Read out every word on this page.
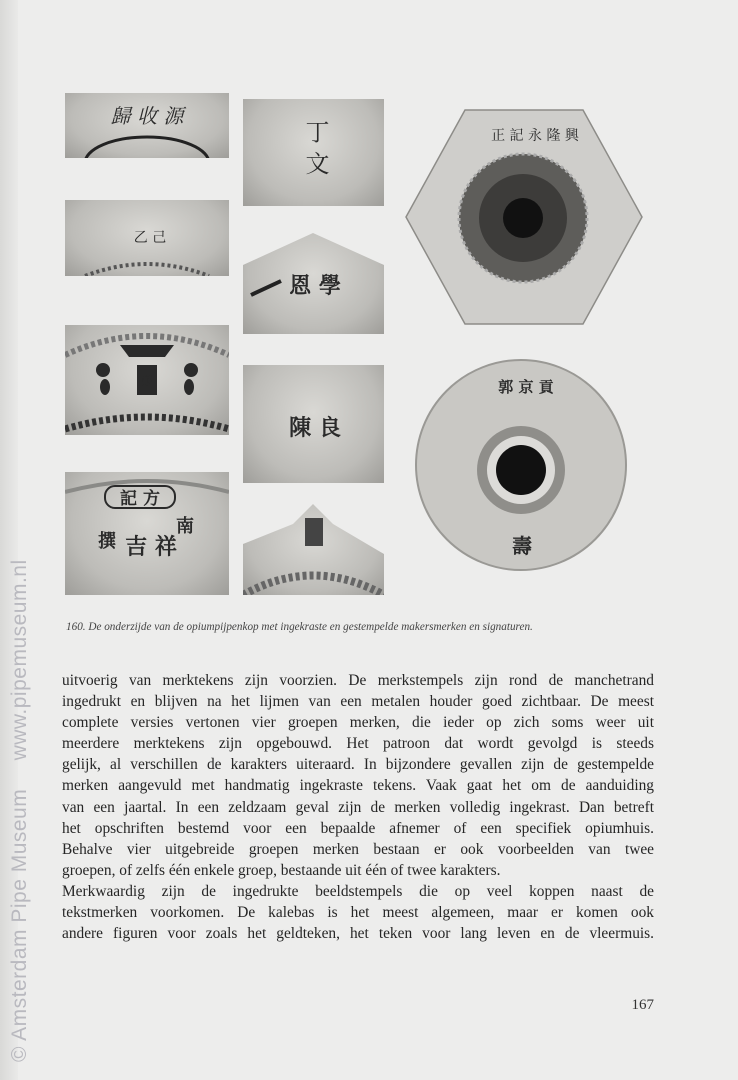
© Amsterdam Pipe Museum www.pipemuseum.nl
歸 收 源
乙 己
鄭
記 方
南
撰 吉 祥
丁 文
恩 學
陳 良
正 記 永 隆 興
郭 京 貢
壽
160. De onderzijde van de opiumpijpenkop met ingekraste en gestempelde makersmerken en signaturen.

uitvoerig van merktekens zijn voorzien. De merkstempels zijn rond de manchetrand

ingedrukt en blijven na het lijmen van een metalen houder goed zichtbaar. De meest

complete versies vertonen vier groepen merken, die ieder op zich soms weer uit

meerdere merktekens zijn opgebouwd. Het patroon dat wordt gevolgd is steeds

gelijk, al verschillen de karakters uiteraard. In bijzondere gevallen zijn de gestempelde

merken aangevuld met handmatig ingekraste tekens. Vaak gaat het om de aanduiding

van een jaartal. In een zeldzaam geval zijn de merken volledig ingekrast. Dan betreft

het opschriften bestemd voor een bepaalde afnemer of een specifiek opiumhuis.

Behalve vier uitgebreide groepen merken bestaan er ook voorbeelden van twee

groepen, of zelfs één enkele groep, bestaande uit één of twee karakters.

Merkwaardig zijn de ingedrukte beeldstempels die op veel koppen naast de

tekstmerken voorkomen. De kalebas is het meest algemeen, maar er komen ook

andere figuren voor zoals het geldteken, het teken voor lang leven en de vleermuis.

167
